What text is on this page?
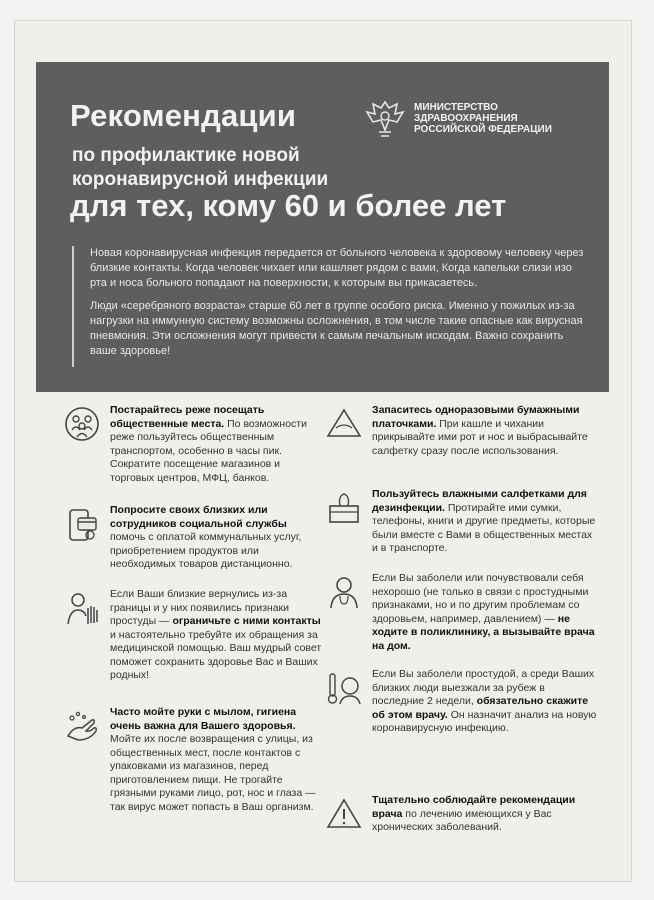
Рекомендации
по профилактике новой
коронавирусной инфекции
для тех, кому 60 и более лет
МИНИСТЕРСТВО
ЗДРАВООХРАНЕНИЯ
РОССИЙСКОЙ ФЕДЕРАЦИИ

Новая коронавирусная инфекция передается от больного человека к здоровому человеку через близкие контакты. Когда человек чихает или кашляет рядом с вами, Когда капельки слизи изо рта и носа больного попадают на поверхности, к которым вы прикасаетесь.

Люди «серебряного возраста» старше 60 лет в группе особого риска. Именно у пожилых из-за нагрузки на иммунную систему возможны осложнения, в том числе такие опасные как вирусная пневмония. Эти осложнения могут привести к самым печальным исходам. Важно сохранить ваше здоровье!

Постарайтесь реже посещать общественные места. По возможности реже пользуйтесь общественным транспортом, особенно в часы пик. Сократите посещение магазинов и торговых центров, МФЦ, банков.
Попросите своих близких или сотрудников социальной службы помочь с оплатой коммунальных услуг, приобретением продуктов или необходимых товаров дистанционно.
Если Ваши близкие вернулись из-за границы и у них появились признаки простуды — ограничьте с ними контакты и настоятельно требуйте их обращения за медицинской помощью. Ваш мудрый совет поможет сохранить здоровье Вас и Ваших родных!
Часто мойте руки с мылом, гигиена очень важна для Вашего здоровья. Мойте их после возвращения с улицы, из общественных мест, после контактов с упаковками из магазинов, перед приготовлением пищи. Не трогайте грязными руками лицо, рот, нос и глаза — так вирус может попасть в Ваш организм.
Запаситесь одноразовыми бумажными платочками. При кашле и чихании прикрывайте ими рот и нос и выбрасывайте салфетку сразу после использования.
Пользуйтесь влажными салфетками для дезинфекции. Протирайте ими сумки, телефоны, книги и другие предметы, которые были вместе с Вами в общественных местах и в транспорте.
Если Вы заболели или почувствовали себя нехорошо (не только в связи с простудными признаками, но и по другим проблемам со здоровьем, например, давлением) — не ходите в поликлинику, а вызывайте врача на дом.
Если Вы заболели простудой, а среди Ваших близких люди выезжали за рубеж в последние 2 недели, обязательно скажите об этом врачу. Он назначит анализ на новую коронавирусную инфекцию.
Тщательно соблюдайте рекомендации врача по лечению имеющихся у Вас хронических заболеваний.
